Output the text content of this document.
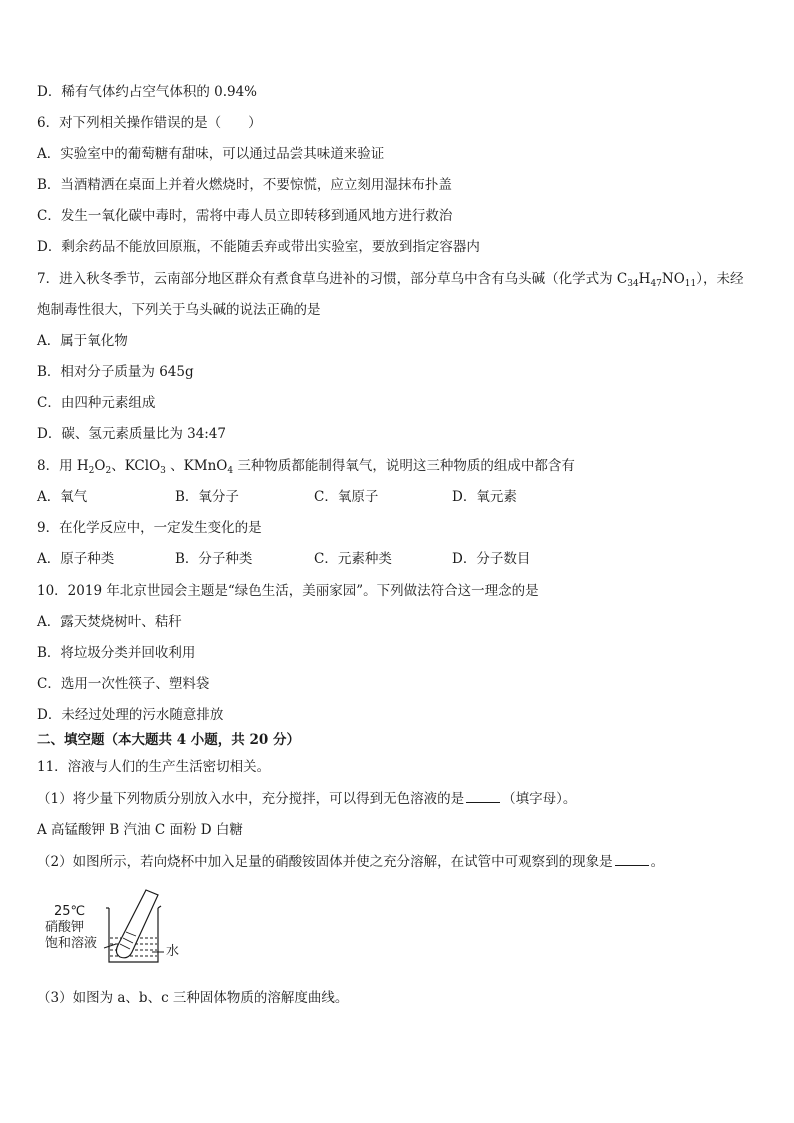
D．稀有气体约占空气体积的 0.94%
6．对下列相关操作错误的是（　　）
A．实验室中的葡萄糖有甜味，可以通过品尝其味道来验证
B．当酒精洒在桌面上并着火燃烧时，不要惊慌，应立刻用湿抹布扑盖
C．发生一氧化碳中毒时，需将中毒人员立即转移到通风地方进行救治
D．剩余药品不能放回原瓶，不能随丢弃或带出实验室，要放到指定容器内
7．进入秋冬季节，云南部分地区群众有煮食草乌进补的习惯，部分草乌中含有乌头碱（化学式为 $C_{34}H_{47}NO_{11}$），未经
炮制毒性很大，下列关于乌头碱的说法正确的是
A．属于氧化物
B．相对分子质量为 645g
C．由四种元素组成
D．碳、氢元素质量比为 34:47
8．用 $H_2O_2$、KClO$_3$ 、KMnO$_4$ 三种物质都能制得氧气，说明这三种物质的组成中都含有
A．氧气	B．氧分子	C．氧原子	D．氧元素
9．在化学反应中，一定发生变化的是
A．原子种类	B．分子种类	C．元素种类	D．分子数目
10．2019 年北京世园会主题是“绿色生活，美丽家园”。下列做法符合这一理念的是
A．露天焚烧树叶、秸秆
B．将垃圾分类并回收利用
C．选用一次性筷子、塑料袋
D．未经过处理的污水随意排放
二、填空题（本大题共 4 小题，共 20 分）
11．溶液与人们的生产生活密切相关。
（1）将少量下列物质分别放入水中，充分搅拌，可以得到无色溶液的是	（填字母）。
A 高锰酸钾 B 汽油 C 面粉 D 白糖
（2）如图所示，若向烧杯中加入足量的硝酸铵固体并使之充分溶解，在试管中可观察到的现象是	。
25℃
硝酸钾
饱和溶液
水
（3）如图为 a、b、c 三种固体物质的溶解度曲线。
